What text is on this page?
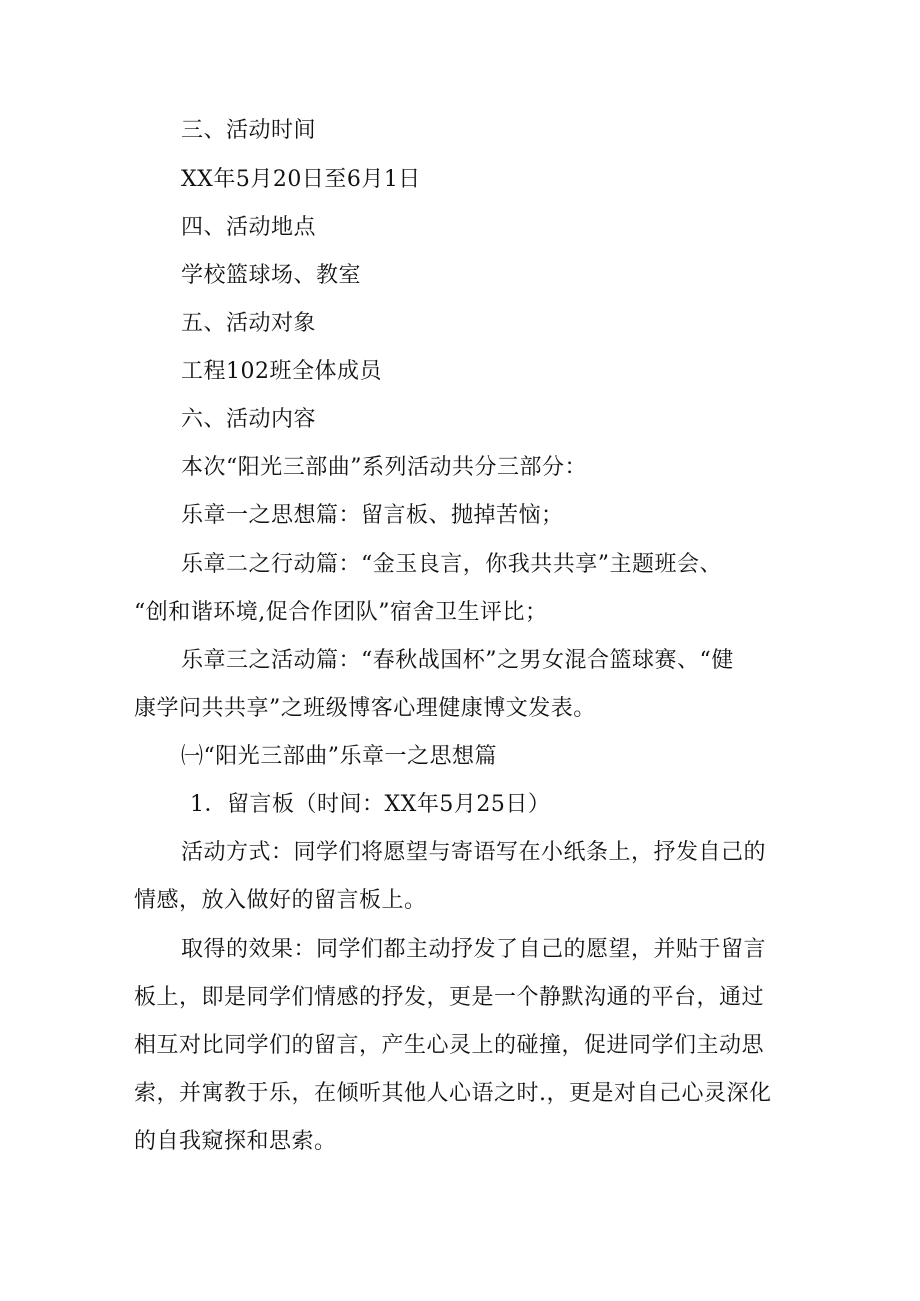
三、活动时间
XX年5月20日至6月1日
四、活动地点
学校篮球场、教室
五、活动对象
工程102班全体成员
六、活动内容
本次“阳光三部曲”系列活动共分三部分：
乐章一之思想篇：留言板、抛掉苦恼；
乐章二之行动篇：“金玉良言，你我共共享”主题班会、
“创和谐环境,促合作团队”宿舍卫生评比；
乐章三之活动篇：“春秋战国杯”之男女混合篮球赛、“健
康学问共共享”之班级博客心理健康博文发表。
㈠“阳光三部曲”乐章一之思想篇
1．留言板（时间：XX年5月25日）
活动方式：同学们将愿望与寄语写在小纸条上，抒发自己的
情感，放入做好的留言板上。
取得的效果：同学们都主动抒发了自己的愿望，并贴于留言
板上，即是同学们情感的抒发，更是一个静默沟通的平台，通过
相互对比同学们的留言，产生心灵上的碰撞，促进同学们主动思
索，并寓教于乐，在倾听其他人心语之时.，更是对自己心灵深化
的自我窥探和思索。
